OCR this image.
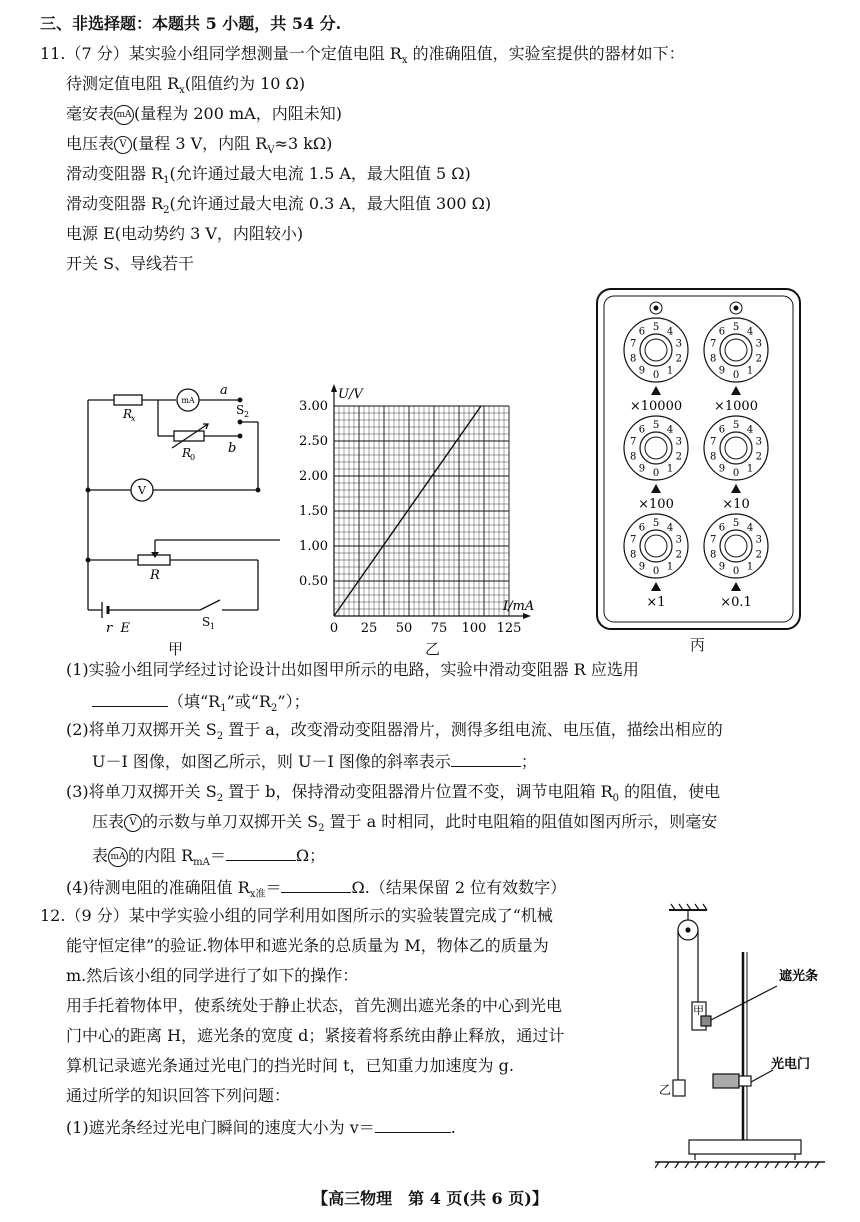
三、非选择题：本题共 5 小题，共 54 分.
11.（7 分）某实验小组同学想测量一个定值电阻 $R_x$ 的准确阻值，实验室提供的器材如下：
待测定值电阻 $R_x$(阻值约为 10 Ω)
毫安表 mA (量程为 200 mA，内阻未知)
电压表 V (量程 3 V，内阻 $R_V\approx 3$ kΩ)
滑动变阻器 $R_1$(允许通过最大电流 1.5 A，最大阻值 5 Ω)
滑动变阻器 $R_2$(允许通过最大电流 0.3 A，最大阻值 300 Ω)
电源 E(电动势约 3 V，内阻较小)
开关 S、导线若干
mA
V
R
x
a
S 2
b
R
0
R
r  E	S 1
甲
0 25 50 75 100 125
0.50
1.00
1.50
2.00
2.50
3.00
I/mA
U/V
乙
0 1
2
3
4
5
6
7
8
9
×10000
0 1
2
3
4
5
6
7
8
9
×1000
0 1
2
3
4
5
6
7
8
9
×100
0 1
2
3
4
5
6
7
8
9
×10
0 1
2
3
4
5
6
7
8
9
×1
0 1
2
3
4
5
6
7
8
9
×0.1
丙
(1)实验小组同学经过讨论设计出如图甲所示的电路，实验中滑动变阻器 R 应选用
（填“$R_1$”或“$R_2$”）；
(2)将单刀双掷开关 $S_2$ 置于 a，改变滑动变阻器滑片，测得多组电流、电压值，描绘出相应的
U－I 图像，如图乙所示，则 U－I 图像的斜率表示	；
(3)将单刀双掷开关 $S_2$ 置于 b，保持滑动变阻器滑片位置不变，调节电阻箱 $R_0$ 的阻值，使电
压表 V 的示数与单刀双掷开关 $S_2$ 置于 a 时相同，此时电阻箱的阻值如图丙所示，则毫安
表 mA 的内阻 $R_{mA}=$	Ω；
(4)待测电阻的准确阻值 $R_{x准}=$	Ω.（结果保留 2 位有效数字）
12.（9 分）某中学实验小组的同学利用如图所示的实验装置完成了“机械
能守恒定律”的验证.物体甲和遮光条的总质量为 M，物体乙的质量为
m.然后该小组的同学进行了如下的操作：
用手托着物体甲，使系统处于静止状态，首先测出遮光条的中心到光电
门中心的距离 H，遮光条的宽度 d；紧接着将系统由静止释放，通过计
算机记录遮光条通过光电门的挡光时间 t，已知重力加速度为 g.
通过所学的知识回答下列问题：
(1)遮光条经过光电门瞬间的速度大小为 v＝	.
遮光条
甲
光电门
乙
【高三物理　第 4 页(共 6 页)】
